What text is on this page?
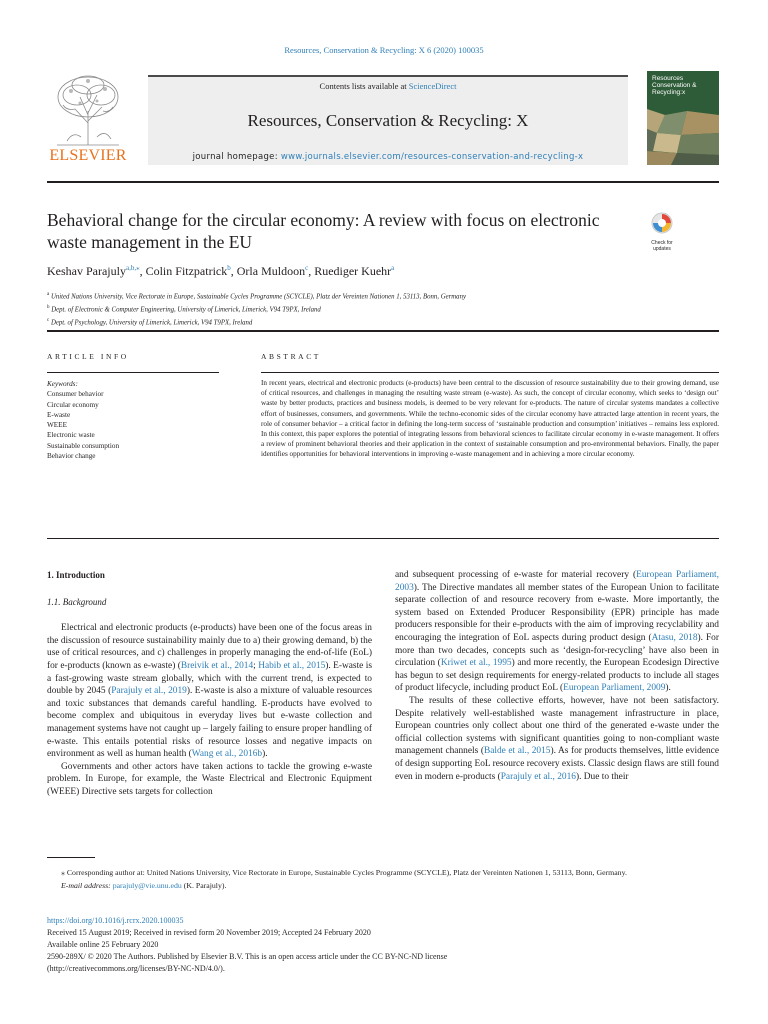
Resources, Conservation & Recycling: X 6 (2020) 100035
ELSEVIER
Contents lists available at ScienceDirect
Resources, Conservation & Recycling: X
journal homepage: www.journals.elsevier.com/resources-conservation-and-recycling-x
Resources Conservation & Recycling:x
Behavioral change for the circular economy: A review with focus on electronic waste management in the EU	Check for updates
Keshav Parajuly$^{a,b,⁎}$, Colin Fitzpatrick$^b$, Orla Muldoon$^c$, Ruediger Kuehr$^a$
$^a$ United Nations University, Vice Rectorate in Europe, Sustainable Cycles Programme (SCYCLE), Platz der Vereinten Nationen 1, 53113, Bonn, Germany
$^b$ Dept. of Electronic & Computer Engineering, University of Limerick, Limerick, V94 T9PX, Ireland
$^c$ Dept. of Psychology, University of Limerick, Limerick, V94 T9PX, Ireland
ARTICLE INFO	ABSTRACT
Keywords:
Consumer behavior
Circular economy
E-waste
WEEE
Electronic waste
Sustainable consumption
Behavior change
In recent years, electrical and electronic products (e-products) have been central to the discussion of resource sustainability due to their growing demand, use of critical resources, and challenges in managing the resulting waste stream (e-waste). As such, the concept of circular economy, which seeks to ‘design out’ waste by better products, practices and business models, is deemed to be very relevant for e-products. The nature of circular systems mandates a collective effort of businesses, consumers, and governments. While the techno-economic sides of the circular economy have attracted large attention in recent years, the role of consumer behavior – a critical factor in defining the long-term success of ‘sustainable production and consumption’ initiatives – remains less explored. In this context, this paper explores the potential of integrating lessons from behavioral sciences to facilitate circular economy in e-waste management. It offers a review of prominent behavioral theories and their application in the context of sustainable consumption and pro-environmental behaviors. Finally, the paper identifies opportunities for behavioral interventions in improving e-waste management and in achieving a more circular economy.
1. Introduction
1.1. Background

Electrical and electronic products (e-products) have been one of the focus areas in the discussion of resource sustainability mainly due to a) their growing demand, b) the use of critical resources, and c) challenges in properly managing the end-of-life (EoL) for e-products (known as e-waste) (Breivik et al., 2014; Habib et al., 2015). E-waste is a fast-growing waste stream globally, which with the current trend, is expected to double by 2045 (Parajuly et al., 2019). E-waste is also a mixture of valuable resources and toxic substances that demands careful handling. E-products have evolved to become complex and ubiquitous in everyday lives but e-waste collection and management systems have not caught up – largely failing to ensure proper handling of e-waste. This entails potential risks of resource losses and negative impacts on environment as well as human health (Wang et al., 2016b).

Governments and other actors have taken actions to tackle the growing e-waste problem. In Europe, for example, the Waste Electrical and Electronic Equipment (WEEE) Directive sets targets for collection

and subsequent processing of e-waste for material recovery (European Parliament, 2003). The Directive mandates all member states of the European Union to facilitate separate collection of and resource recovery from e-waste. More importantly, the system based on Extended Producer Responsibility (EPR) principle has made producers responsible for their e-products with the aim of improving recyclability and encouraging the integration of EoL aspects during product design (Atasu, 2018). For more than two decades, concepts such as ‘design-for-recycling’ have also been in circulation (Kriwet et al., 1995) and more recently, the European Ecodesign Directive has begun to set design requirements for energy-related products to include all stages of product lifecycle, including product EoL (European Parliament, 2009).

The results of these collective efforts, however, have not been satisfactory. Despite relatively well-established waste management infrastructure in place, European countries only collect about one third of the generated e-waste under the official collection systems with significant quantities going to non-compliant waste management channels (Balde et al., 2015). As for products themselves, little evidence of design supporting EoL resource recovery exists. Classic design flaws are still found even in modern e-products (Parajuly et al., 2016). Due to their

⁎ Corresponding author at: United Nations University, Vice Rectorate in Europe, Sustainable Cycles Programme (SCYCLE), Platz der Vereinten Nationen 1, 53113, Bonn, Germany.
E-mail address: parajuly@vie.unu.edu (K. Parajuly).
https://doi.org/10.1016/j.rcrx.2020.100035
Received 15 August 2019; Received in revised form 20 November 2019; Accepted 24 February 2020
Available online 25 February 2020
2590-289X/ © 2020 The Authors. Published by Elsevier B.V. This is an open access article under the CC BY-NC-ND license
(http://creativecommons.org/licenses/BY-NC-ND/4.0/).
